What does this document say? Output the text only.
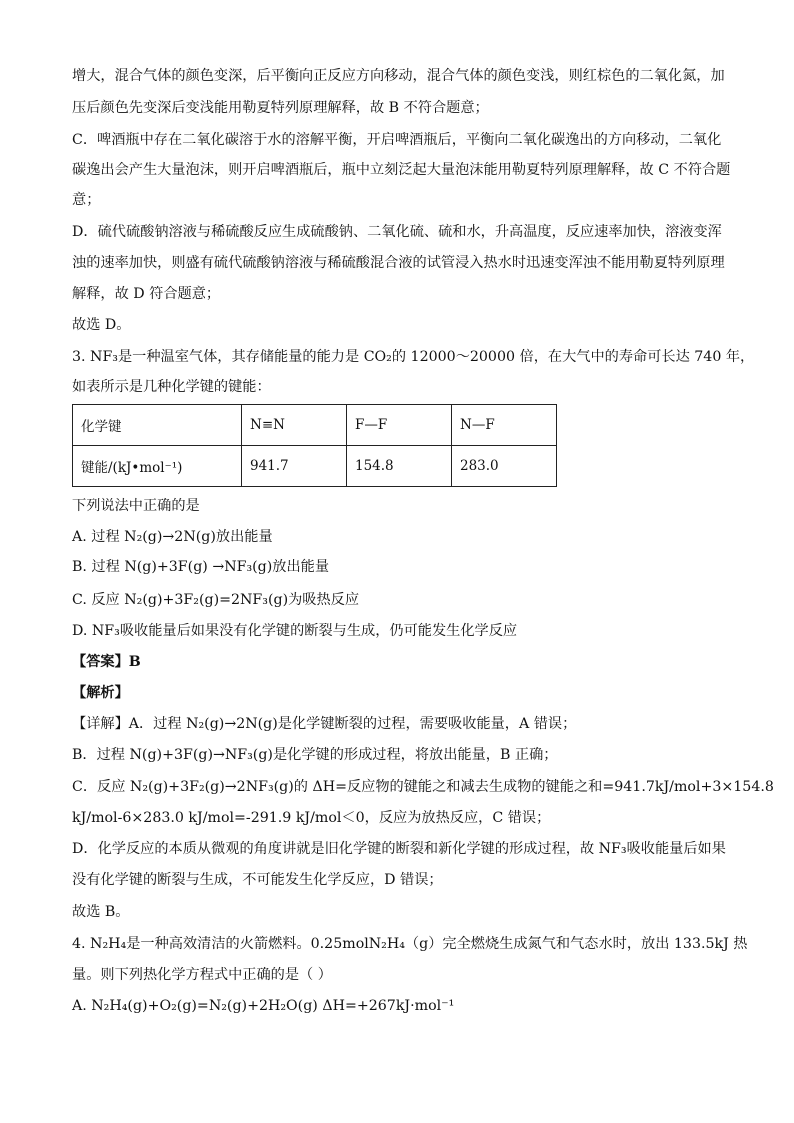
增大，混合气体的颜色变深，后平衡向正反应方向移动，混合气体的颜色变浅，则红棕色的二氧化氮，加
压后颜色先变深后变浅能用勒夏特列原理解释，故 B 不符合题意；
C．啤酒瓶中存在二氧化碳溶于水的溶解平衡，开启啤酒瓶后，平衡向二氧化碳逸出的方向移动，二氧化
碳逸出会产生大量泡沫，则开启啤酒瓶后，瓶中立刻泛起大量泡沫能用勒夏特列原理解释，故 C 不符合题
意；
D．硫代硫酸钠溶液与稀硫酸反应生成硫酸钠、二氧化硫、硫和水，升高温度，反应速率加快，溶液变浑
浊的速率加快，则盛有硫代硫酸钠溶液与稀硫酸混合液的试管浸入热水时迅速变浑浊不能用勒夏特列原理
解释，故 D 符合题意；
故选 D。
3. NF₃是一种温室气体，其存储能量的能力是 CO₂的 12000～20000 倍，在大气中的寿命可长达 740 年，
如表所示是几种化学键的键能：
化学键	N≡N	F—F	N—F
键能/(kJ•mol⁻¹)	941.7	154.8	283.0
下列说法中正确的是
A. 过程 N₂(g)→2N(g)放出能量
B. 过程 N(g)+3F(g) →NF₃(g)放出能量
C. 反应 N₂(g)+3F₂(g)=2NF₃(g)为吸热反应
D. NF₃吸收能量后如果没有化学键的断裂与生成，仍可能发生化学反应
【答案】B
【解析】
【详解】A．过程 N₂(g)→2N(g)是化学键断裂的过程，需要吸收能量，A 错误；
B．过程 N(g)+3F(g)→NF₃(g)是化学键的形成过程，将放出能量，B 正确；
C．反应 N₂(g)+3F₂(g)→2NF₃(g)的 ΔH=反应物的键能之和减去生成物的键能之和=941.7kJ/mol+3×154.8
kJ/mol-6×283.0 kJ/mol=-291.9 kJ/mol＜0，反应为放热反应，C 错误；
D．化学反应的本质从微观的角度讲就是旧化学键的断裂和新化学键的形成过程，故 NF₃吸收能量后如果
没有化学键的断裂与生成，不可能发生化学反应，D 错误；
故选 B。
4. N₂H₄是一种高效清洁的火箭燃料。0.25molN₂H₄（g）完全燃烧生成氮气和气态水时，放出 133.5kJ 热
量。则下列热化学方程式中正确的是（ ）
A. N₂H₄(g)+O₂(g)=N₂(g)+2H₂O(g) ΔH=+267kJ·mol⁻¹
